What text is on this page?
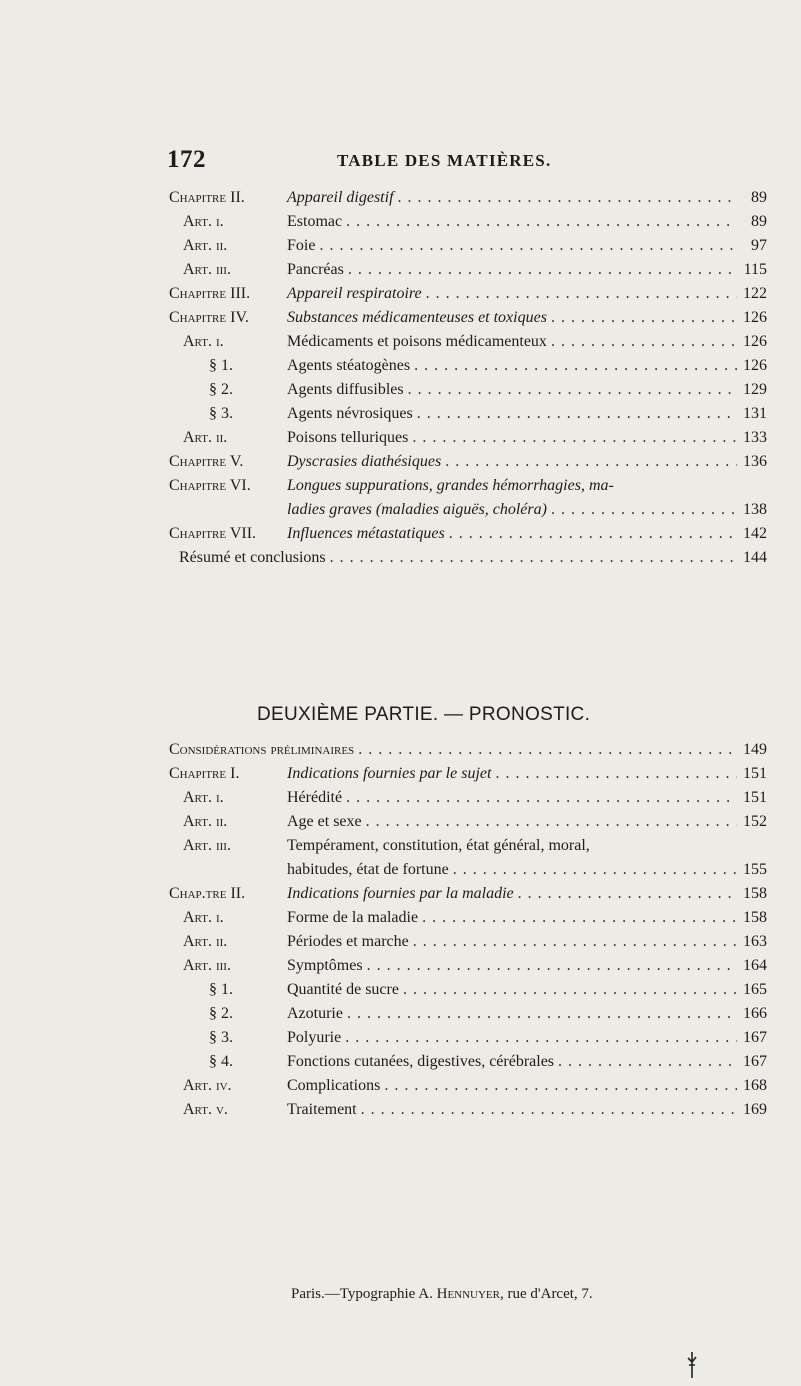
172	TABLE DES MATIÈRES.
Chapitre II.	Appareil digestif . . .	89
Art. i.	Estomac . . .	89
Art. ii.	Foie . . .	97
Art. iii.	Pancréas . . .	115
Chapitre III.	Appareil respiratoire . . .	122
Chapitre IV.	Substances médicamenteuses et toxiques . . .	126
Art. i.	Médicaments et poisons médicamenteux . . .	126
§ 1.	Agents stéatogènes . . .	126
§ 2.	Agents diffusibles . . .	129
§ 3.	Agents névrosiques . . .	131
Art. ii.	Poisons telluriques . . .	133
Chapitre V.	Dyscrasies diathésiques . . .	136
Chapitre VI.	Longues suppurations, grandes hémorrhagies, ma-
ladies graves (maladies aiguës, choléra) . . .	138
Chapitre VII.	Influences métastatiques . . .	142
Résumé et conclusions . . .	144
DEUXIÈME PARTIE. — PRONOSTIC.
Considérations préliminaires . . .	149
Chapitre I.	Indications fournies par le sujet . . .	151
Art. i.	Hérédité . . .	151
Art. ii.	Age et sexe . . .	152
Art. iii.	Tempérament, constitution, état général, moral,
habitudes, état de fortune . . .	155
Chap.tre II.	Indications fournies par la maladie . . .	158
Art. i.	Forme de la maladie . . .	158
Art. ii.	Périodes et marche . . .	163
Art. iii.	Symptômes . . .	164
§ 1.	Quantité de sucre . . .	165
§ 2.	Azoturie . . .	166
§ 3.	Polyurie . . .	167
§ 4.	Fonctions cutanées, digestives, cérébrales . . .	167
Art. iv.	Complications . . .	168
Art. v.	Traitement . . .	169
Paris.—Typographie A. Hennuyer, rue d'Arcet, 7.
